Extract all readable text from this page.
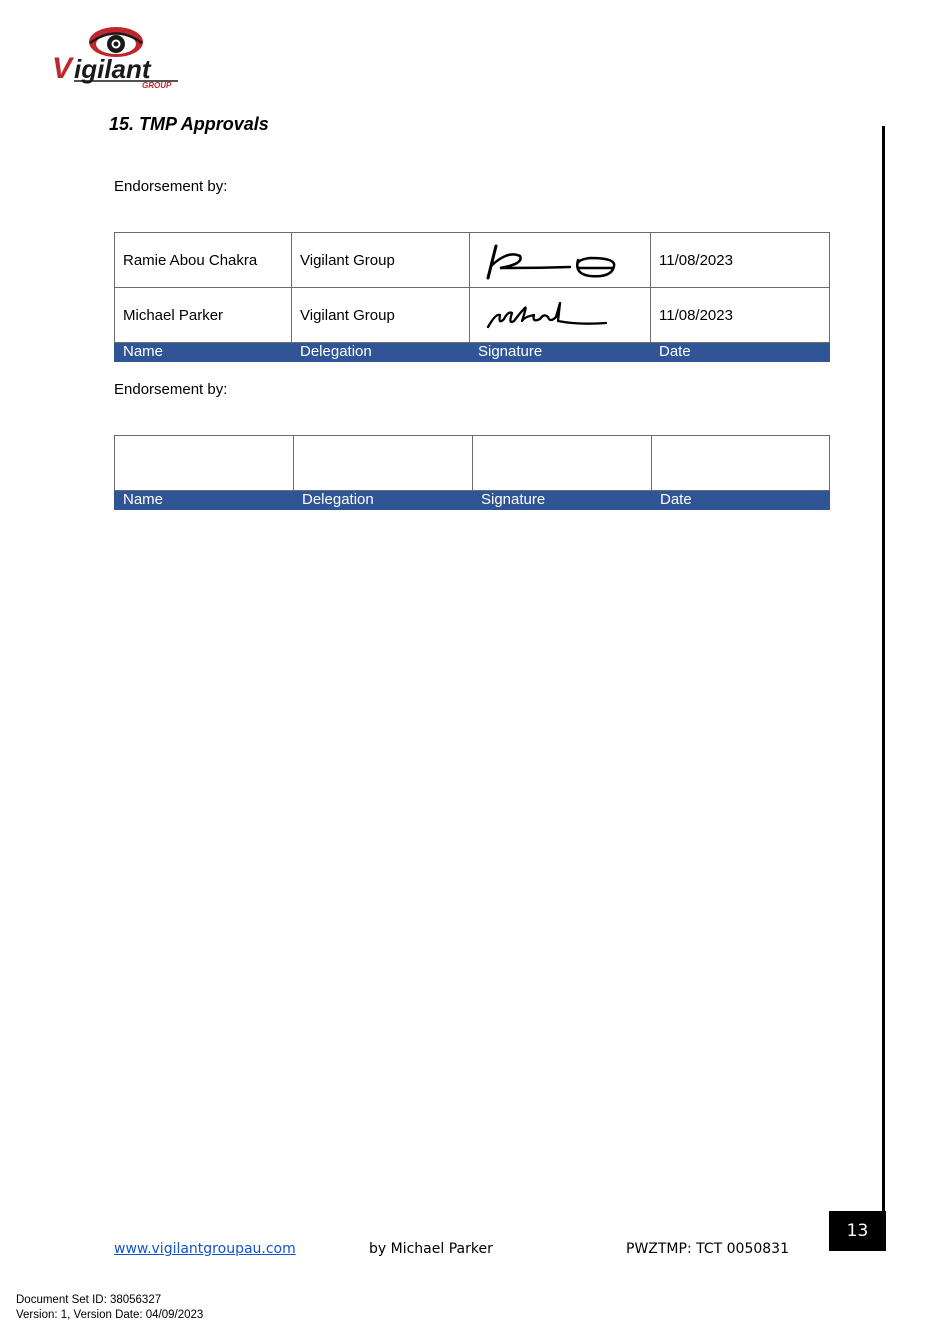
V igilant
GROUP
15. TMP Approvals
Endorsement by:
Ramie Abou Chakra	Vigilant Group		11/08/2023
Michael Parker	Vigilant Group		11/08/2023
Name	Delegation	Signature	Date
Endorsement by:

Name	Delegation	Signature	Date
www.vigilantgroupau.com	by Michael Parker	PWZTMP: TCT 0050831
13
Document Set ID: 38056327
Version: 1, Version Date: 04/09/2023
